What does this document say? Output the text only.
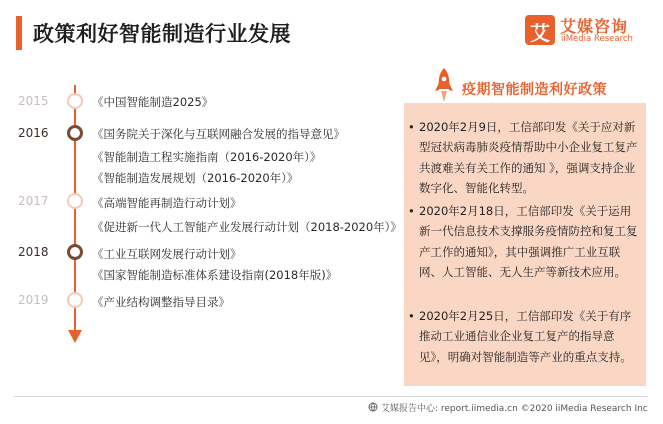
政策利好智能制造行业发展	艾 艾媒咨询
iiMedia Research
2015	《中国智能制造2025》
2016	《国务院关于深化与互联网融合发展的指导意见》
《智能制造工程实施指南（2016-2020年）》
《智能制造发展规划（2016-2020年）》
2017	《高端智能再制造行动计划》
《促进新一代人工智能产业发展行动计划（2018-2020年）》
2018	《工业互联网发展行动计划》
《国家智能制造标准体系建设指南(2018年版)》
2019	《产业结构调整指导目录》
疫期智能制造利好政策
• 2020年2月9日，工信部印发《关于应对新型冠状病毒肺炎疫情帮助中小企业复工复产共渡难关有关工作的通知 》，强调支持企业数字化、智能化转型。
• 2020年2月18日，工信部印发《关于运用新一代信息技术支撑服务疫情防控和复工复产工作的通知》，其中强调推广工业互联网、人工智能、无人生产等新技术应用。
• 2020年2月25日，工信部印发《关于有序推动工业通信业企业复工复产的指导意见》，明确对智能制造等产业的重点支持。
艾媒报告中心: report.iimedia.cn ©2020 iiMedia Research Inc
